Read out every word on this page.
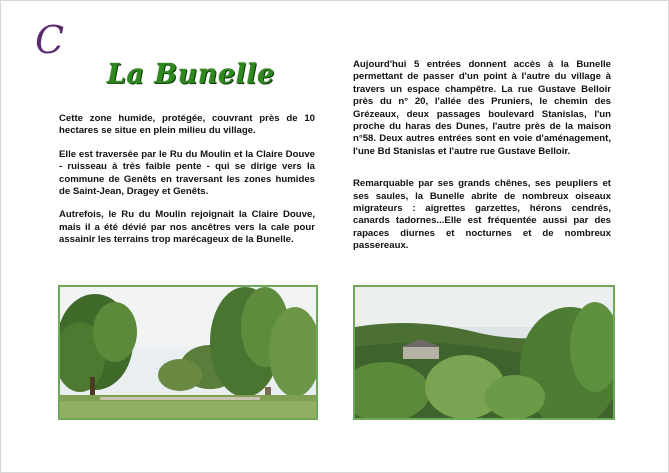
C
La Bunelle

Cette zone humide, protégée, couvrant près de 10 hectares se situe en plein milieu du village.

Elle est traversée par le Ru du Moulin et la Claire Douve - ruisseau à très faible pente - qui se dirige vers la commune de Genêts en traversant les zones humides de Saint-Jean, Dragey et Genêts.

Autrefois, le Ru du Moulin rejoignait la Claire Douve, mais il a été dévié par nos ancêtres vers la cale pour assainir les terrains trop marécageux de la Bunelle.

Aujourd'hui 5 entrées donnent accès à la Bunelle permettant de passer d'un point à l'autre du village à travers un espace champêtre. La rue Gustave Belloir près du n° 20, l'allée des Pruniers, le chemin des Grézeaux, deux passages boulevard Stanislas, l'un proche du haras des Dunes, l'autre près de la maison n°58. Deux autres entrées sont en voie d'aménagement, l'une Bd Stanislas et l'autre rue Gustave Belloir.

Remarquable par ses grands chênes, ses peupliers et ses saules, la Bunelle abrite de nombreux oiseaux migrateurs : aigrettes garzettes, hérons cendrés, canards tadornes...Elle est fréquentée aussi par des rapaces diurnes et nocturnes et de nombreux passereaux.
